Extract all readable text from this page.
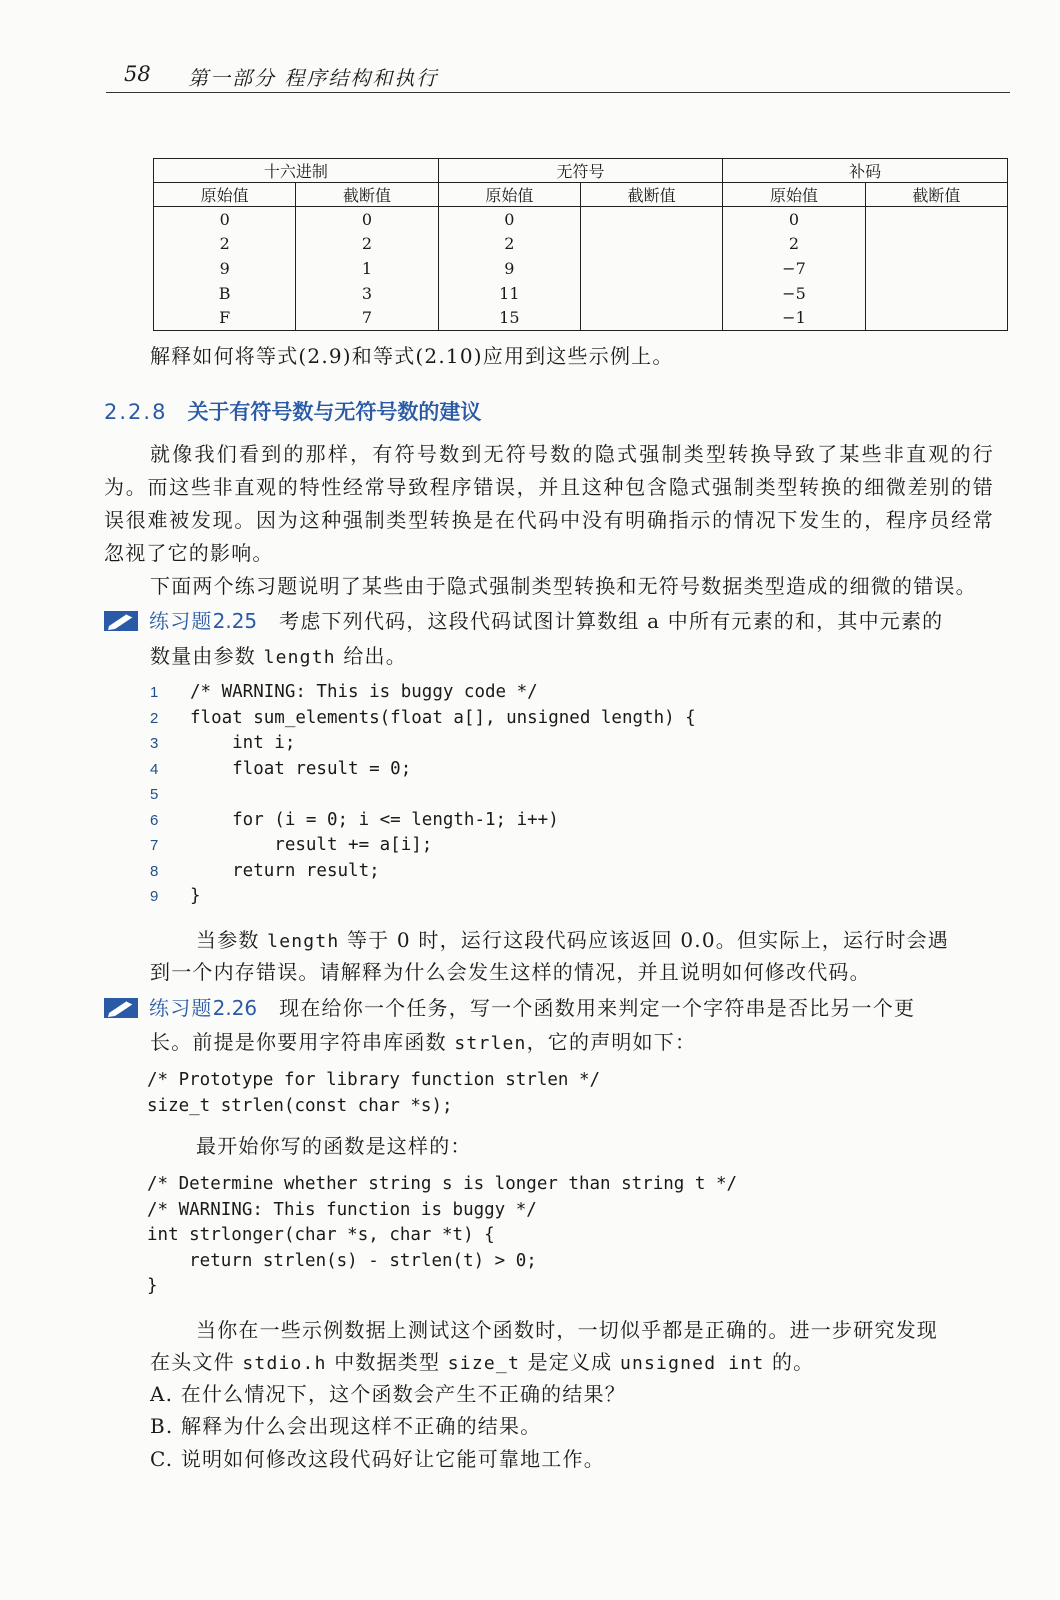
58 第一部分 程序结构和执行
十六进制		无符号		补码	
原始值	截断值	原始值	截断值	原始值	截断值
0	0	0		0	
2	2	2		2	
9	1	9		−7	
B	3	11		−5	
F	7	15		−1	
解释如何将等式(2.9)和等式(2.10)应用到这些示例上。
2.2.8 关于有符号数与无符号数的建议
就像我们看到的那样，有符号数到无符号数的隐式强制类型转换导致了某些非直观的行为。而这些非直观的特性经常导致程序错误，并且这种包含隐式强制类型转换的细微差别的错误很难被发现。因为这种强制类型转换是在代码中没有明确指示的情况下发生的，程序员经常忽视了它的影响。
下面两个练习题说明了某些由于隐式强制类型转换和无符号数据类型造成的细微的错误。
练习题2.25 考虑下列代码，这段代码试图计算数组 a 中所有元素的和，其中元素的
数量由参数 length 给出。
1
2
3
4
5
6
7
8
9
/* WARNING: This is buggy code */
float sum_elements(float a[], unsigned length) {
int i;
float result = 0;
for (i = 0; i <= length-1; i++)
result += a[i];
return result;
}
当参数 length 等于 0 时，运行这段代码应该返回 0.0。但实际上，运行时会遇
到一个内存错误。请解释为什么会发生这样的情况，并且说明如何修改代码。
练习题2.26 现在给你一个任务，写一个函数用来判定一个字符串是否比另一个更
长。前提是你要用字符串库函数 strlen，它的声明如下：
/* Prototype for library function strlen */
size_t strlen(const char *s);
最开始你写的函数是这样的：
/* Determine whether string s is longer than string t */
/* WARNING: This function is buggy */
int strlonger(char *s, char *t) {
return strlen(s) - strlen(t) > 0;
}
当你在一些示例数据上测试这个函数时，一切似乎都是正确的。进一步研究发现
在头文件 stdio.h 中数据类型 size_t 是定义成 unsigned int 的。
A. 在什么情况下，这个函数会产生不正确的结果？
B. 解释为什么会出现这样不正确的结果。
C. 说明如何修改这段代码好让它能可靠地工作。
